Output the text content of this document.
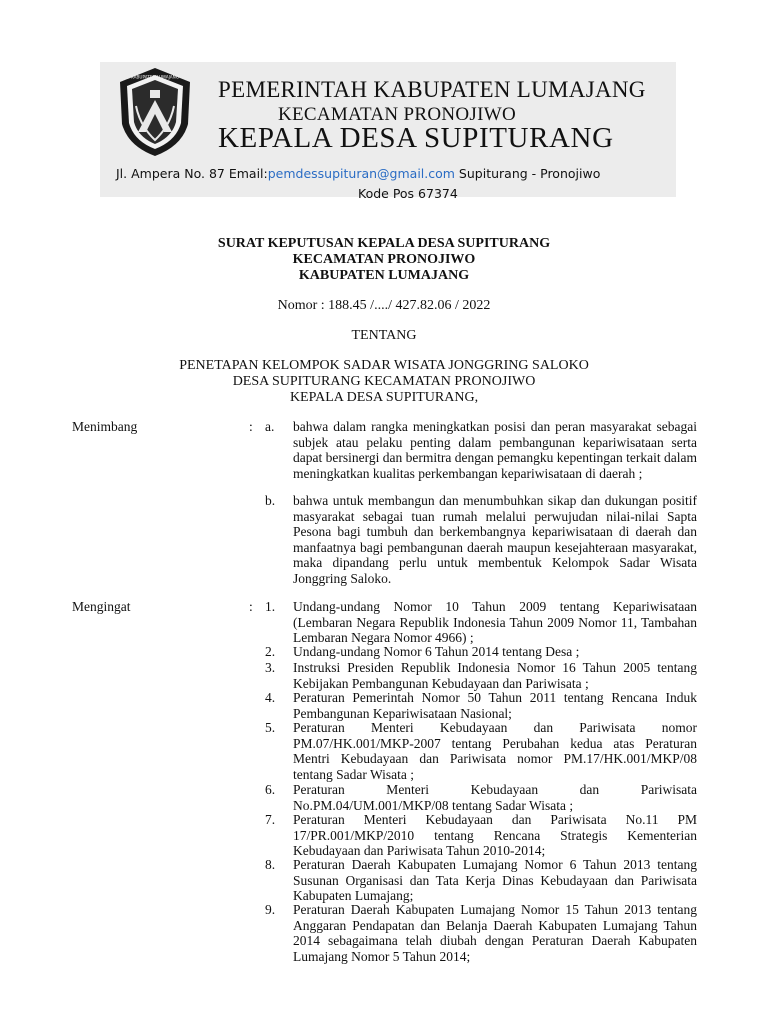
KABUPATEN LUMAJANG PEMERINTAH KABUPATEN LUMAJANG
KECAMATAN PRONOJIWO
KEPALA DESA SUPITURANG
Jl. Ampera No. 87 Email:pemdessupituran@gmail.com Supiturang - Pronojiwo
Kode Pos 67374
SURAT KEPUTUSAN KEPALA DESA SUPITURANG
KECAMATAN PRONOJIWO
KABUPATEN LUMAJANG
Nomor : 188.45 /..../ 427.82.06 / 2022
TENTANG
PENETAPAN KELOMPOK SADAR WISATA JONGGRING SALOKO
DESA SUPITURANG KECAMATAN PRONOJIWO
KEPALA DESA SUPITURANG,
Menimbang	: a. bahwa dalam rangka meningkatkan posisi dan peran masyarakat sebagai subjek atau pelaku penting dalam pembangunan kepariwisataan serta dapat bersinergi dan bermitra dengan pemangku kepentingan terkait dalam meningkatkan kualitas perkembangan kepariwisataan di daerah ;
b. bahwa untuk membangun dan menumbuhkan sikap dan dukungan positif masyarakat sebagai tuan rumah melalui perwujudan nilai-nilai Sapta Pesona bagi tumbuh dan berkembangnya kepariwisataan di daerah dan manfaatnya bagi pembangunan daerah maupun kesejahteraan masyarakat, maka dipandang perlu untuk membentuk Kelompok Sadar Wisata Jonggring Saloko.
Mengingat	: 1. Undang-undang Nomor 10 Tahun 2009 tentang Kepariwisataan (Lembaran Negara Republik Indonesia Tahun 2009 Nomor 11, Tambahan Lembaran Negara Nomor 4966) ;
2. Undang-undang Nomor 6 Tahun 2014 tentang Desa ;
3. Instruksi Presiden Republik Indonesia Nomor 16 Tahun 2005 tentang Kebijakan Pembangunan Kebudayaan dan Pariwisata ;
4. Peraturan Pemerintah Nomor 50 Tahun 2011 tentang Rencana Induk Pembangunan Kepariwisataan Nasional;
5. Peraturan Menteri Kebudayaan dan Pariwisata nomor PM.07/HK.001/MKP-2007 tentang Perubahan kedua atas Peraturan Mentri Kebudayaan dan Pariwisata nomor PM.17/HK.001/MKP/08 tentang Sadar Wisata ;
6. Peraturan Menteri Kebudayaan dan Pariwisata No.PM.04/UM.001/MKP/08 tentang Sadar Wisata ;
7. Peraturan Menteri Kebudayaan dan Pariwisata No.11 PM 17/PR.001/MKP/2010 tentang Rencana Strategis Kementerian Kebudayaan dan Pariwisata Tahun 2010-2014;
8. Peraturan Daerah Kabupaten Lumajang Nomor 6 Tahun 2013 tentang Susunan Organisasi dan Tata Kerja Dinas Kebudayaan dan Pariwisata Kabupaten Lumajang;
9. Peraturan Daerah Kabupaten Lumajang Nomor 15 Tahun 2013 tentang Anggaran Pendapatan dan Belanja Daerah Kabupaten Lumajang Tahun 2014 sebagaimana telah diubah dengan Peraturan Daerah Kabupaten Lumajang Nomor 5 Tahun 2014;
